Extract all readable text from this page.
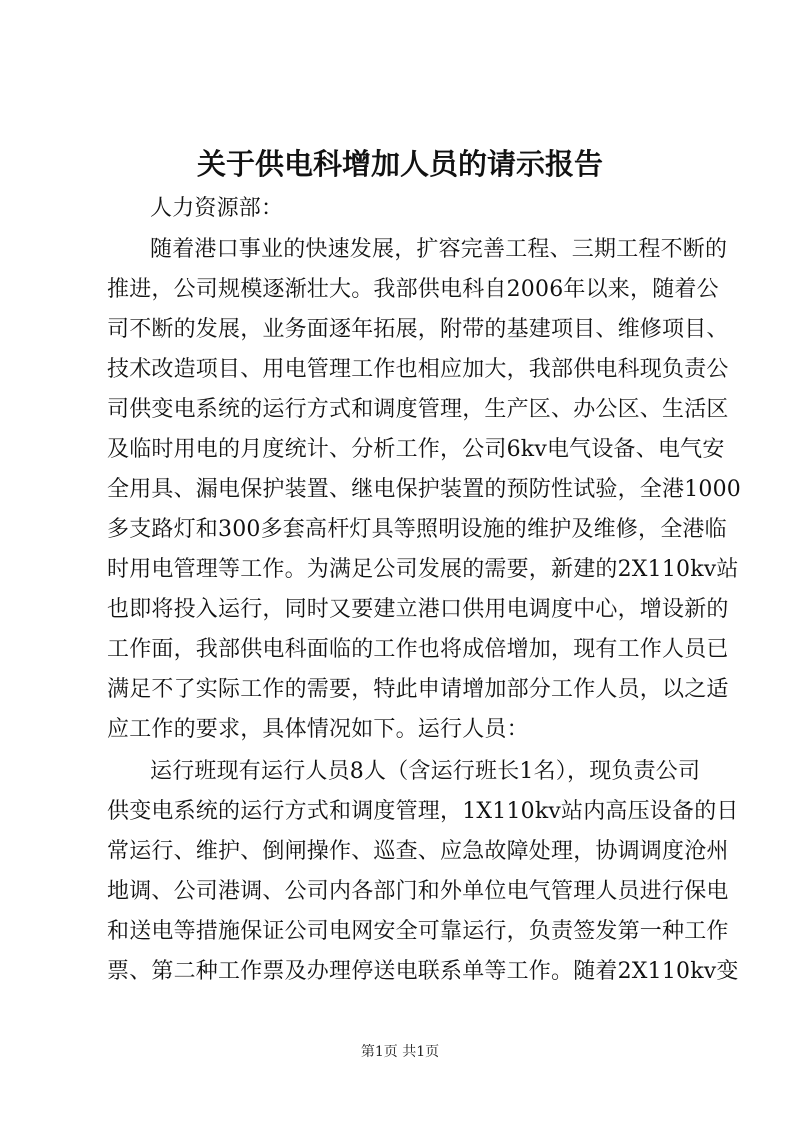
关于供电科增加人员的请示报告
人力资源部：
随着港口事业的快速发展，扩容完善工程、三期工程不断的
推进，公司规模逐渐壮大。我部供电科自2006年以来，随着公
司不断的发展，业务面逐年拓展，附带的基建项目、维修项目、
技术改造项目、用电管理工作也相应加大，我部供电科现负责公
司供变电系统的运行方式和调度管理，生产区、办公区、生活区
及临时用电的月度统计、分析工作，公司6kv电气设备、电气安
全用具、漏电保护装置、继电保护装置的预防性试验，全港1000
多支路灯和300多套高杆灯具等照明设施的维护及维修，全港临
时用电管理等工作。为满足公司发展的需要，新建的2X110kv站
也即将投入运行，同时又要建立港口供用电调度中心，增设新的
工作面，我部供电科面临的工作也将成倍增加，现有工作人员已
满足不了实际工作的需要，特此申请增加部分工作人员，以之适
应工作的要求，具体情况如下。运行人员：
运行班现有运行人员8人（含运行班长1名），现负责公司
供变电系统的运行方式和调度管理，1X110kv站内高压设备的日
常运行、维护、倒闸操作、巡查、应急故障处理，协调调度沧州
地调、公司港调、公司内各部门和外单位电气管理人员进行保电
和送电等措施保证公司电网安全可靠运行，负责签发第一种工作
票、第二种工作票及办理停送电联系单等工作。随着2X110kv变
第1页 共1页
